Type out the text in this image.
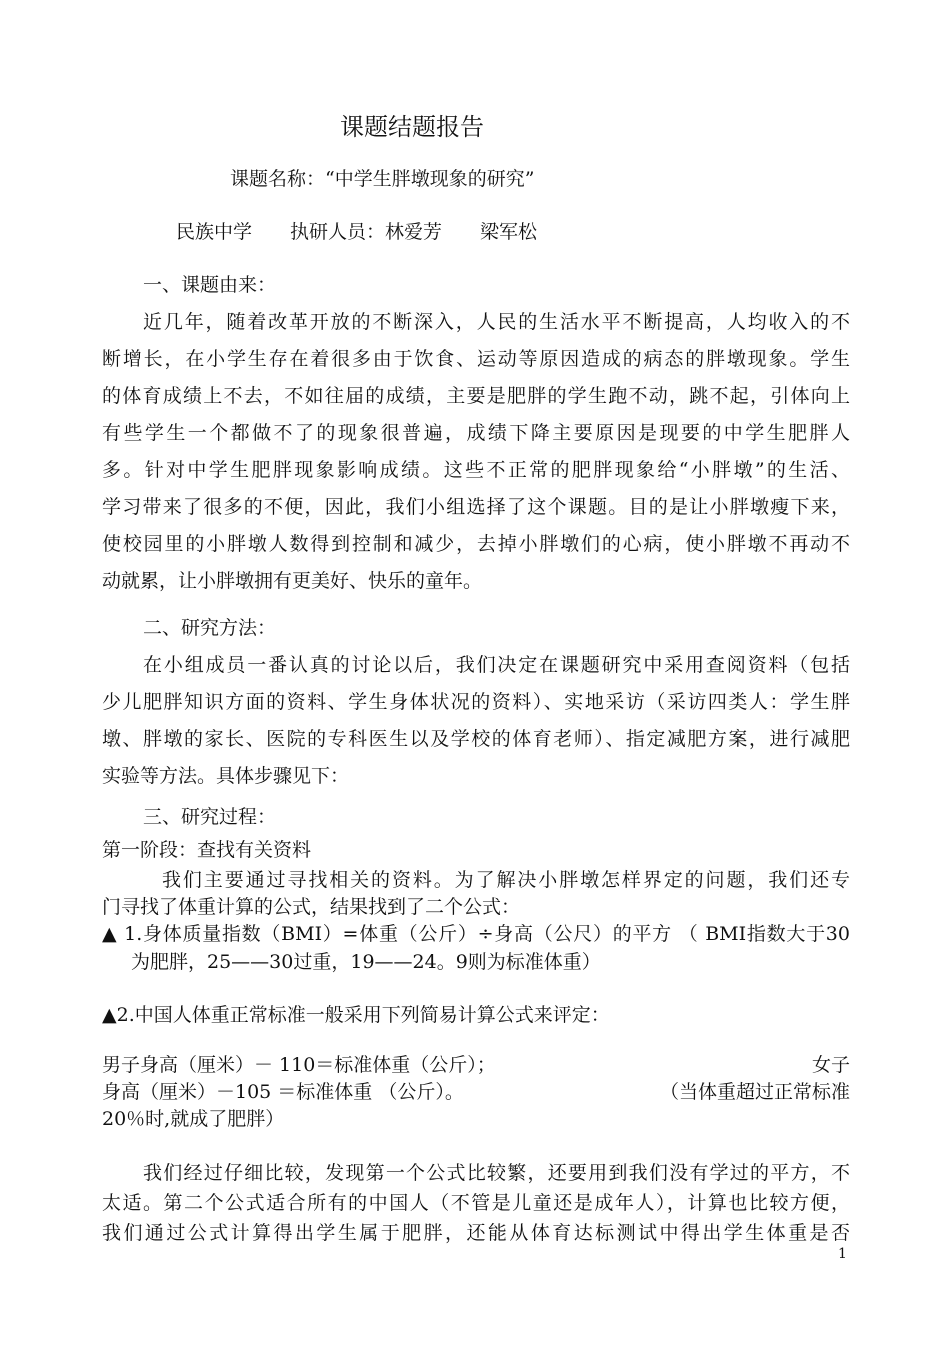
课题结题报告
课题名称：“中学生胖墩现象的研究”
民族中学　　执研人员：林爱芳　　梁军松
一、课题由来：
近几年，随着改革开放的不断深入，人民的生活水平不断提高，人均收入的不
断增长，在小学生存在着很多由于饮食、运动等原因造成的病态的胖墩现象。学生
的体育成绩上不去，不如往届的成绩，主要是肥胖的学生跑不动，跳不起，引体向上
有些学生一个都做不了的现象很普遍，成绩下降主要原因是现要的中学生肥胖人
多。针对中学生肥胖现象影响成绩。这些不正常的肥胖现象给“小胖墩”的生活、
学习带来了很多的不便，因此，我们小组选择了这个课题。目的是让小胖墩瘦下来，
使校园里的小胖墩人数得到控制和减少，去掉小胖墩们的心病，使小胖墩不再动不
动就累，让小胖墩拥有更美好、快乐的童年。
二、研究方法：
在小组成员一番认真的讨论以后，我们决定在课题研究中采用查阅资料（包括
少儿肥胖知识方面的资料、学生身体状况的资料）、实地采访（采访四类人：学生胖
墩、胖墩的家长、医院的专科医生以及学校的体育老师）、指定减肥方案，进行减肥
实验等方法。具体步骤见下：
三、研究过程：
第一阶段：查找有关资料
我们主要通过寻找相关的资料。为了解决小胖墩怎样界定的问题，我们还专
门寻找了体重计算的公式，结果找到了二个公式：
▲ 1.身体质量指数（BMI）=体重（公斤）÷身高（公尺）的平方 （ BMI指数大于30
为肥胖，25——30过重，19——24。9则为标准体重）
▲2.中国人体重正常标准一般采用下列简易计算公式来评定：
男子身高（厘米）－ 110＝标准体重（公斤）；	女子
身高（厘米）－105 ＝标准体重 （公斤）。	（当体重超过正常标准
20％时,就成了肥胖）
我们经过仔细比较，发现第一个公式比较繁，还要用到我们没有学过的平方，不
太适。第二个公式适合所有的中国人（不管是儿童还是成年人），计算也比较方便，
我们通过公式计算得出学生属于肥胖，还能从体育达标测试中得出学生体重是否
1
